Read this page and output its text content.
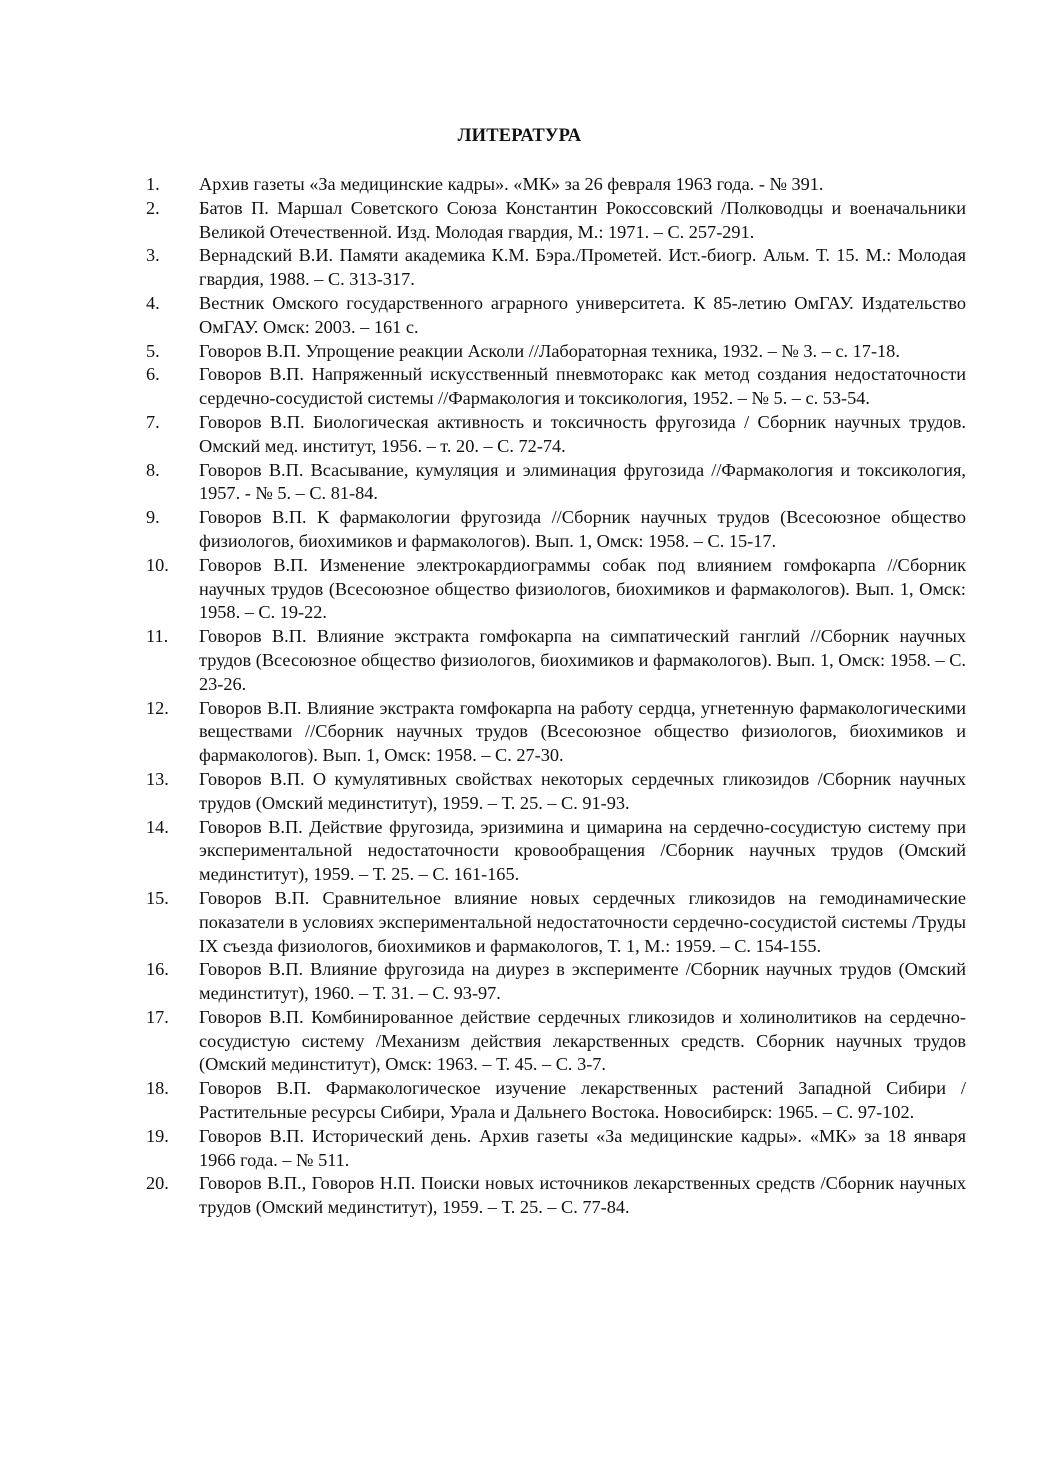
ЛИТЕРАТУРА
1.	Архив газеты «За медицинские кадры». «МК» за 26 февраля 1963 года. - № 391.
2.	Батов П. Маршал Советского Союза Константин Рокоссовский /Полководцы и военачальники Великой Отечественной. Изд. Молодая гвардия, М.: 1971. – С. 257-291.
3.	Вернадский В.И. Памяти академика К.М. Бэра./Прометей. Ист.-биогр. Альм. Т. 15. М.: Молодая гвардия, 1988. – С. 313-317.
4.	Вестник Омского государственного аграрного университета. К 85-летию ОмГАУ. Издательство ОмГАУ. Омск: 2003. – 161 с.
5.	Говоров В.П. Упрощение реакции Асколи //Лабораторная техника, 1932. – № 3. – с. 17-18.
6.	Говоров В.П. Напряженный искусственный пневмоторакс как метод создания недостаточности сердечно-сосудистой системы //Фармакология и токсикология, 1952. – № 5. – с. 53-54.
7.	Говоров В.П. Биологическая активность и токсичность фругозида / Сборник научных трудов. Омский мед. институт, 1956. – т. 20. – С. 72-74.
8.	Говоров В.П. Всасывание, кумуляция и элиминация фругозида //Фармакология и токсикология, 1957. - № 5. – С. 81-84.
9.	Говоров В.П. К фармакологии фругозида //Сборник научных трудов (Всесоюзное общество физиологов, биохимиков и фармакологов). Вып. 1, Омск: 1958. – С. 15-17.
10.	Говоров В.П. Изменение электрокардиограммы собак под влиянием гомфокарпа //Сборник научных трудов (Всесоюзное общество физиологов, биохимиков и фармакологов). Вып. 1, Омск: 1958. – С. 19-22.
11.	Говоров В.П. Влияние экстракта гомфокарпа на симпатический ганглий //Сборник научных трудов (Всесоюзное общество физиологов, биохимиков и фармакологов). Вып. 1, Омск: 1958. – С. 23-26.
12.	Говоров В.П. Влияние экстракта гомфокарпа на работу сердца, угнетенную фармакологическими веществами //Сборник научных трудов (Всесоюзное общество физиологов, биохимиков и фармакологов). Вып. 1, Омск: 1958. – С. 27-30.
13.	Говоров В.П. О кумулятивных свойствах некоторых сердечных гликозидов /Сборник научных трудов (Омский мединститут), 1959. – Т. 25. – С. 91-93.
14.	Говоров В.П. Действие фругозида, эризимина и цимарина на сердечно-сосудистую систему при экспериментальной недостаточности кровообращения /Сборник научных трудов (Омский мединститут), 1959. – Т. 25. – С. 161-165.
15.	Говоров В.П. Сравнительное влияние новых сердечных гликозидов на гемодинамические показатели в условиях экспериментальной недостаточности сердечно-сосудистой системы /Труды IX съезда физиологов, биохимиков и фармакологов, Т. 1, М.: 1959. – С. 154-155.
16.	Говоров В.П. Влияние фругозида на диурез в эксперименте /Сборник научных трудов (Омский мединститут), 1960. – Т. 31. – С. 93-97.
17.	Говоров В.П. Комбинированное действие сердечных гликозидов и холинолитиков на сердечно-сосудистую систему /Механизм действия лекарственных средств. Сборник научных трудов (Омский мединститут), Омск: 1963. – Т. 45. – С. 3-7.
18.	Говоров В.П. Фармакологическое изучение лекарственных растений Западной Сибири /Растительные ресурсы Сибири, Урала и Дальнего Востока. Новосибирск: 1965. – С. 97-102.
19.	Говоров В.П. Исторический день. Архив газеты «За медицинские кадры». «МК» за 18 января 1966 года. – № 511.
20.	Говоров В.П., Говоров Н.П. Поиски новых источников лекарственных средств /Сборник научных трудов (Омский мединститут), 1959. – Т. 25. – С. 77-84.
